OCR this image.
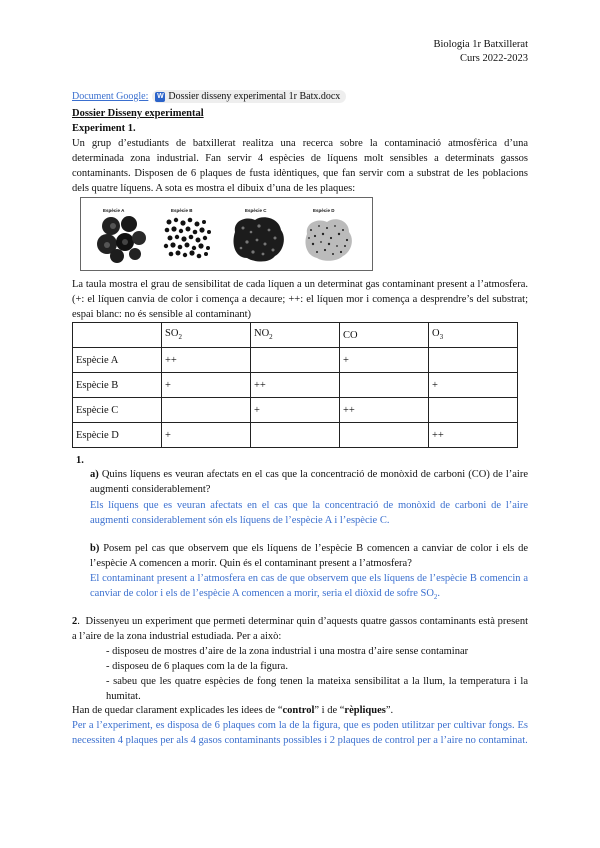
Biologia 1r Batxillerat
Curs 2022-2023
Document Google: W Dossier disseny experimental 1r Batx.docx
Dossier Disseny experimental
Experiment 1.
Un grup d’estudiants de batxillerat realitza una recerca sobre la contaminació atmosfèrica d’una determinada zona industrial. Fan servir 4 espècies de líquens molt sensibles a determinats gassos contaminants. Disposen de 6 plaques de fusta idèntiques, que fan servir com a substrat de les poblacions dels quatre líquens. A sota es mostra el dibuix d’una de les plaques:
Espècie A	Espècie B	Espècie C	Espècie D
La taula mostra el grau de sensibilitat de cada líquen a un determinat gas contaminant present a l’atmosfera. (+: el líquen canvia de color i comença a decaure; ++: el líquen mor i comença a desprendre’s del substrat; espai blanc: no és sensible al contaminant)
	$SO_2$	$NO_2$	CO	$O_3$
Espècie A	++		+	
Espècie B	+	++		+
Espècie C		+	++	
Espècie D	+			++
1.
a) Quins líquens es veuran afectats en el cas que la concentració de monòxid de carboni (CO) de l’aire augmenti considerablement?
Els líquens que es veuran afectats en el cas que la concentració de monòxid de carboni de l’aire augmenti considerablement són els líquens de l’espècie A i l’espècie C.
b) Posem pel cas que observem que els líquens de l’espècie B comencen a canviar de color i els de l’espècie A comencen a morir. Quin és el contaminant present a l’atmosfera?
El contaminant present a l’atmosfera en cas de que observem que els líquens de l’espècie B comencin a canviar de color i els de l’espècie A comencen a morir, seria el diòxid de sofre $SO_2$.
2.  Dissenyeu un experiment que permeti determinar quin d’aquests quatre gassos contaminants està present a l’aire de la zona industrial estudiada. Per a això:
- disposeu de mostres d’aire de la zona industrial i una mostra d’aire sense contaminar
- disposeu de 6 plaques com la de la figura.
- sabeu que les quatre espècies de fong tenen la mateixa sensibilitat a la llum, la temperatura i la humitat.
Han de quedar clarament explicades les idees de “control” i de “rèpliques”.
Per a l’experiment, es disposa de 6 plaques com la de la figura, que es poden utilitzar per cultivar fongs. Es necessiten 4 plaques per als 4 gasos contaminants possibles i 2 plaques de control per a l’aire no contaminat.
